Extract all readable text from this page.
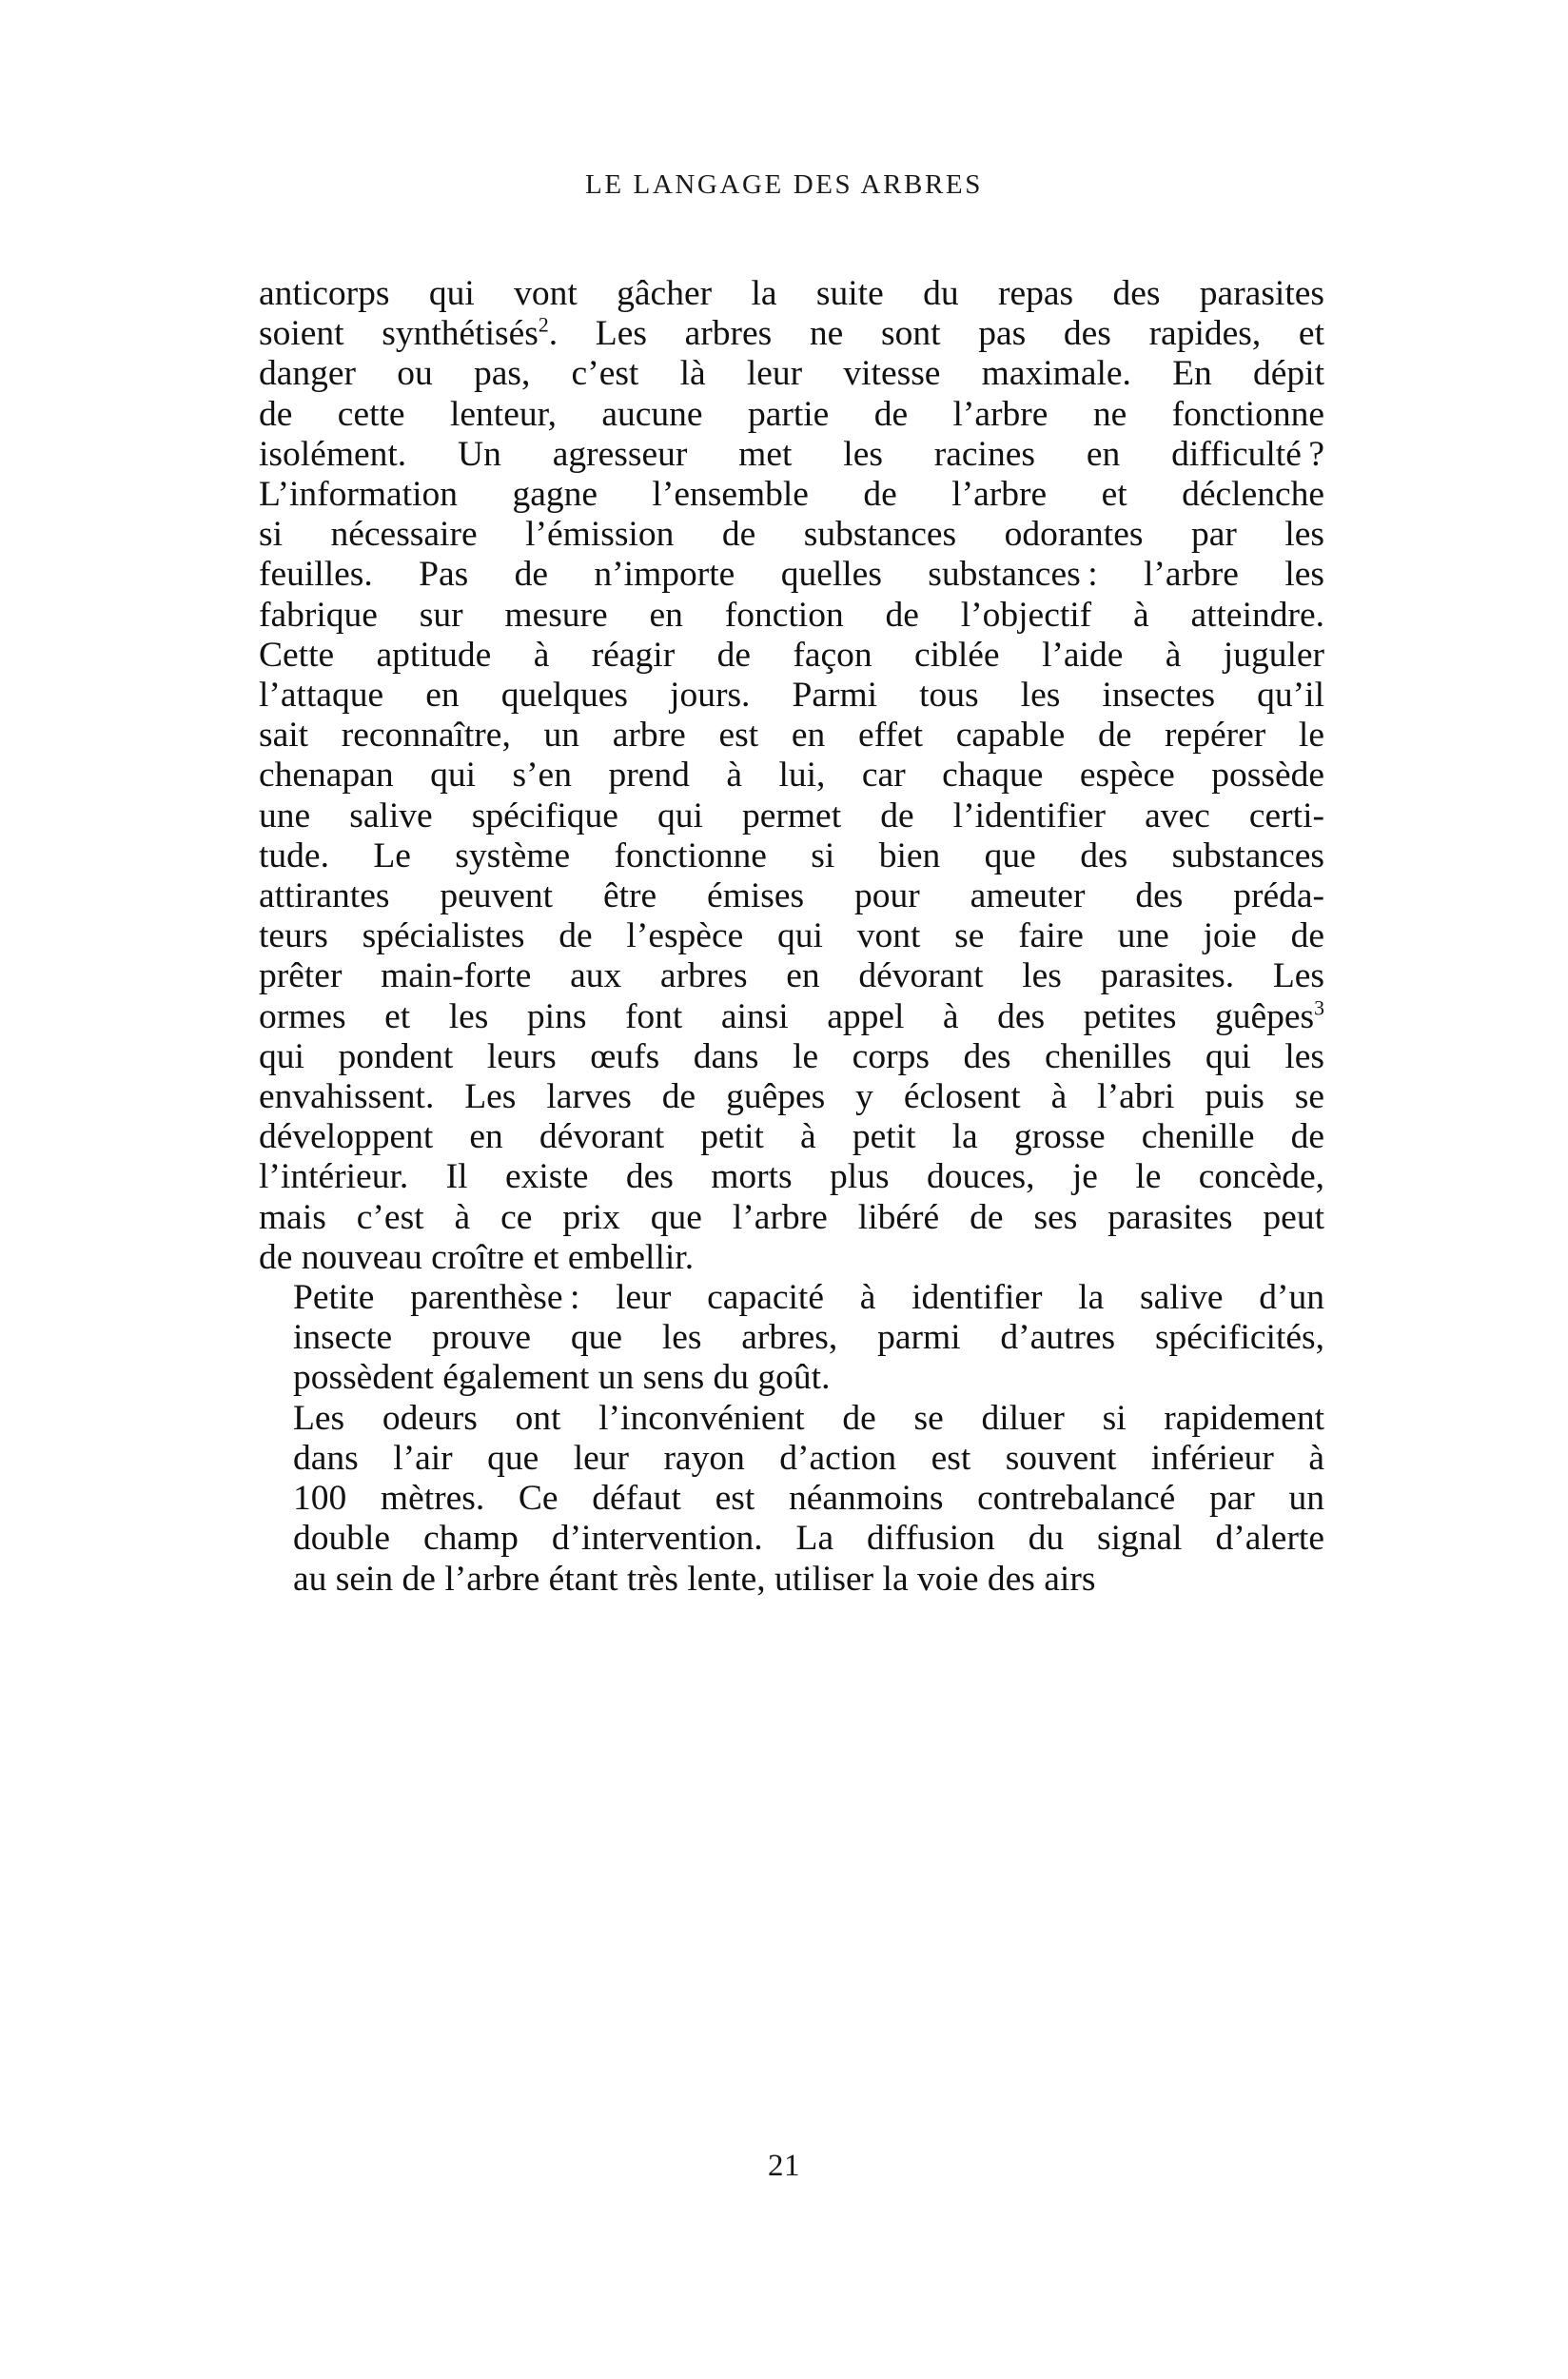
LE LANGAGE DES ARBRES

anticorps qui vont gâcher la suite du repas des parasites
soient synthétisés$^2$. Les arbres ne sont pas des rapides, et
danger ou pas, c’est là leur vitesse maximale. En dépit
de cette lenteur, aucune partie de l’arbre ne fonctionne
isolément. Un agresseur met les racines en difficulté ?
L’information gagne l’ensemble de l’arbre et déclenche
si nécessaire l’émission de substances odorantes par les
feuilles. Pas de n’importe quelles substances : l’arbre les
fabrique sur mesure en fonction de l’objectif à atteindre.
Cette aptitude à réagir de façon ciblée l’aide à juguler
l’attaque en quelques jours. Parmi tous les insectes qu’il
sait reconnaître, un arbre est en effet capable de repérer le
chenapan qui s’en prend à lui, car chaque espèce possède
une salive spécifique qui permet de l’identifier avec certi-
tude. Le système fonctionne si bien que des substances
attirantes peuvent être émises pour ameuter des préda-
teurs spécialistes de l’espèce qui vont se faire une joie de
prêter main-forte aux arbres en dévorant les parasites. Les
ormes et les pins font ainsi appel à des petites guêpes$^3$
qui pondent leurs œufs dans le corps des chenilles qui les
envahissent. Les larves de guêpes y éclosent à l’abri puis se
développent en dévorant petit à petit la grosse chenille de
l’intérieur. Il existe des morts plus douces, je le concède,
mais c’est à ce prix que l’arbre libéré de ses parasites peut
de nouveau croître et embellir.

Petite parenthèse : leur capacité à identifier la salive d’un
insecte prouve que les arbres, parmi d’autres spécificités,
possèdent également un sens du goût.

Les odeurs ont l’inconvénient de se diluer si rapidement
dans l’air que leur rayon d’action est souvent inférieur à
100 mètres. Ce défaut est néanmoins contrebalancé par un
double champ d’intervention. La diffusion du signal d’alerte
au sein de l’arbre étant très lente, utiliser la voie des airs

21
